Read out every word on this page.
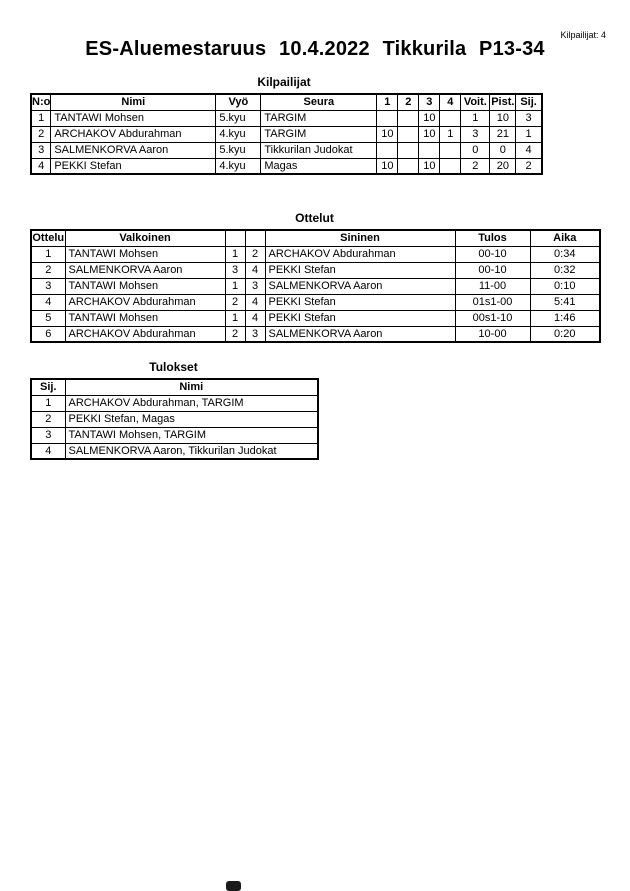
ES-Aluemestaruus 10.4.2022 Tikkurila P13-34
Kilpailijat
Kilpailijat: 4
N:o	Nimi	Vyö	Seura	1	2	3	4	Voit.	Pist.	Sij.
1	TANTAWI Mohsen	5.kyu	TARGIM			10		1	10	3
2	ARCHAKOV Abdurahman	4.kyu	TARGIM	10		10	1	3	21	1
3	SALMENKORVA Aaron	5.kyu	Tikkurilan Judokat					0	0	4
4	PEKKI Stefan	4.kyu	Magas	10		10		2	20	2
Ottelut
Ottelu	Valkoinen			Sininen	Tulos	Aika
1	TANTAWI Mohsen	1	2	ARCHAKOV Abdurahman	00-10	0:34
2	SALMENKORVA Aaron	3	4	PEKKI Stefan	00-10	0:32
3	TANTAWI Mohsen	1	3	SALMENKORVA Aaron	11-00	0:10
4	ARCHAKOV Abdurahman	2	4	PEKKI Stefan	01s1-00	5:41
5	TANTAWI Mohsen	1	4	PEKKI Stefan	00s1-10	1:46
6	ARCHAKOV Abdurahman	2	3	SALMENKORVA Aaron	10-00	0:20
Tulokset
Sij.	Nimi
1	ARCHAKOV Abdurahman, TARGIM
2	PEKKI Stefan, Magas
3	TANTAWI Mohsen, TARGIM
4	SALMENKORVA Aaron, Tikkurilan Judokat
